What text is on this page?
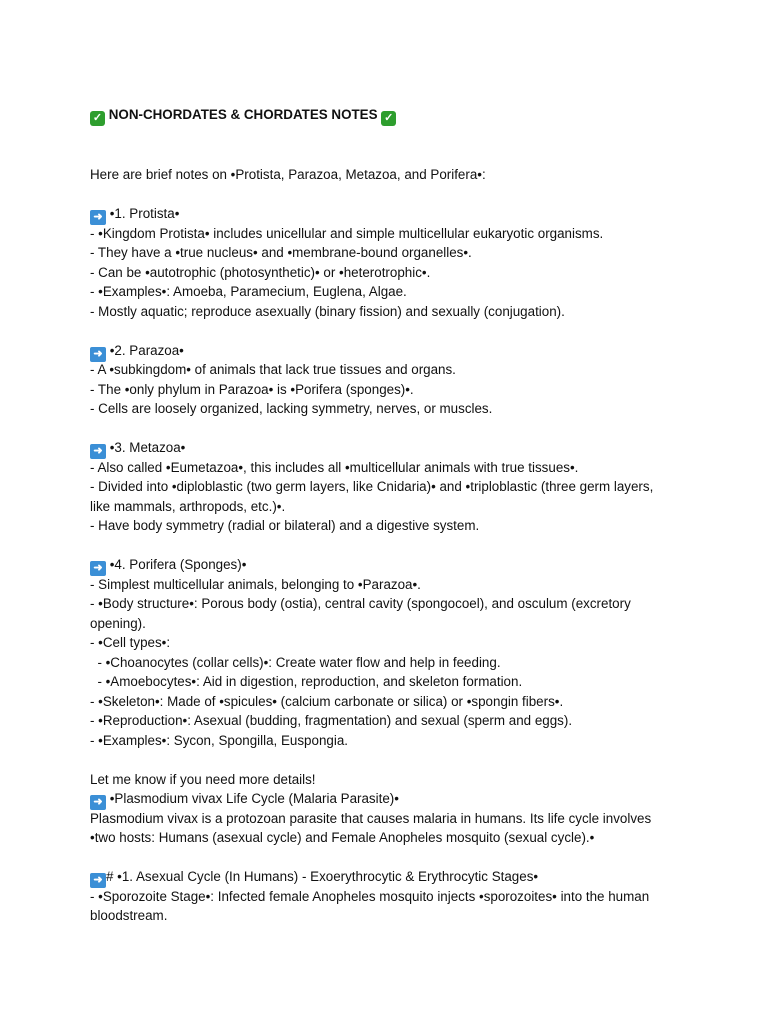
✓ NON-CHORDATES & CHORDATES NOTES ✓
Here are brief notes on •Protista, Parazoa, Metazoa, and Porifera•:
➜ •1. Protista•
- •Kingdom Protista• includes unicellular and simple multicellular eukaryotic organisms.
- They have a •true nucleus• and •membrane-bound organelles•.
- Can be •autotrophic (photosynthetic)• or •heterotrophic•.
- •Examples•: Amoeba, Paramecium, Euglena, Algae.
- Mostly aquatic; reproduce asexually (binary fission) and sexually (conjugation).
➜ •2. Parazoa•
- A •subkingdom• of animals that lack true tissues and organs.
- The •only phylum in Parazoa• is •Porifera (sponges)•.
- Cells are loosely organized, lacking symmetry, nerves, or muscles.
➜ •3. Metazoa•
- Also called •Eumetazoa•, this includes all •multicellular animals with true tissues•.
- Divided into •diploblastic (two germ layers, like Cnidaria)• and •triploblastic (three germ layers,
like mammals, arthropods, etc.)•.
- Have body symmetry (radial or bilateral) and a digestive system.
➜ •4. Porifera (Sponges)•
- Simplest multicellular animals, belonging to •Parazoa•.
- •Body structure•: Porous body (ostia), central cavity (spongocoel), and osculum (excretory
opening).
- •Cell types•:
- •Choanocytes (collar cells)•: Create water flow and help in feeding.
- •Amoebocytes•: Aid in digestion, reproduction, and skeleton formation.
- •Skeleton•: Made of •spicules• (calcium carbonate or silica) or •spongin fibers•.
- •Reproduction•: Asexual (budding, fragmentation) and sexual (sperm and eggs).
- •Examples•: Sycon, Spongilla, Euspongia.
Let me know if you need more details!
➜ •Plasmodium vivax Life Cycle (Malaria Parasite)•
Plasmodium vivax is a protozoan parasite that causes malaria in humans. Its life cycle involves
•two hosts: Humans (asexual cycle) and Female Anopheles mosquito (sexual cycle).•
➜ # •1. Asexual Cycle (In Humans) - Exoerythrocytic & Erythrocytic Stages•
- •Sporozoite Stage•: Infected female Anopheles mosquito injects •sporozoites• into the human
bloodstream.
